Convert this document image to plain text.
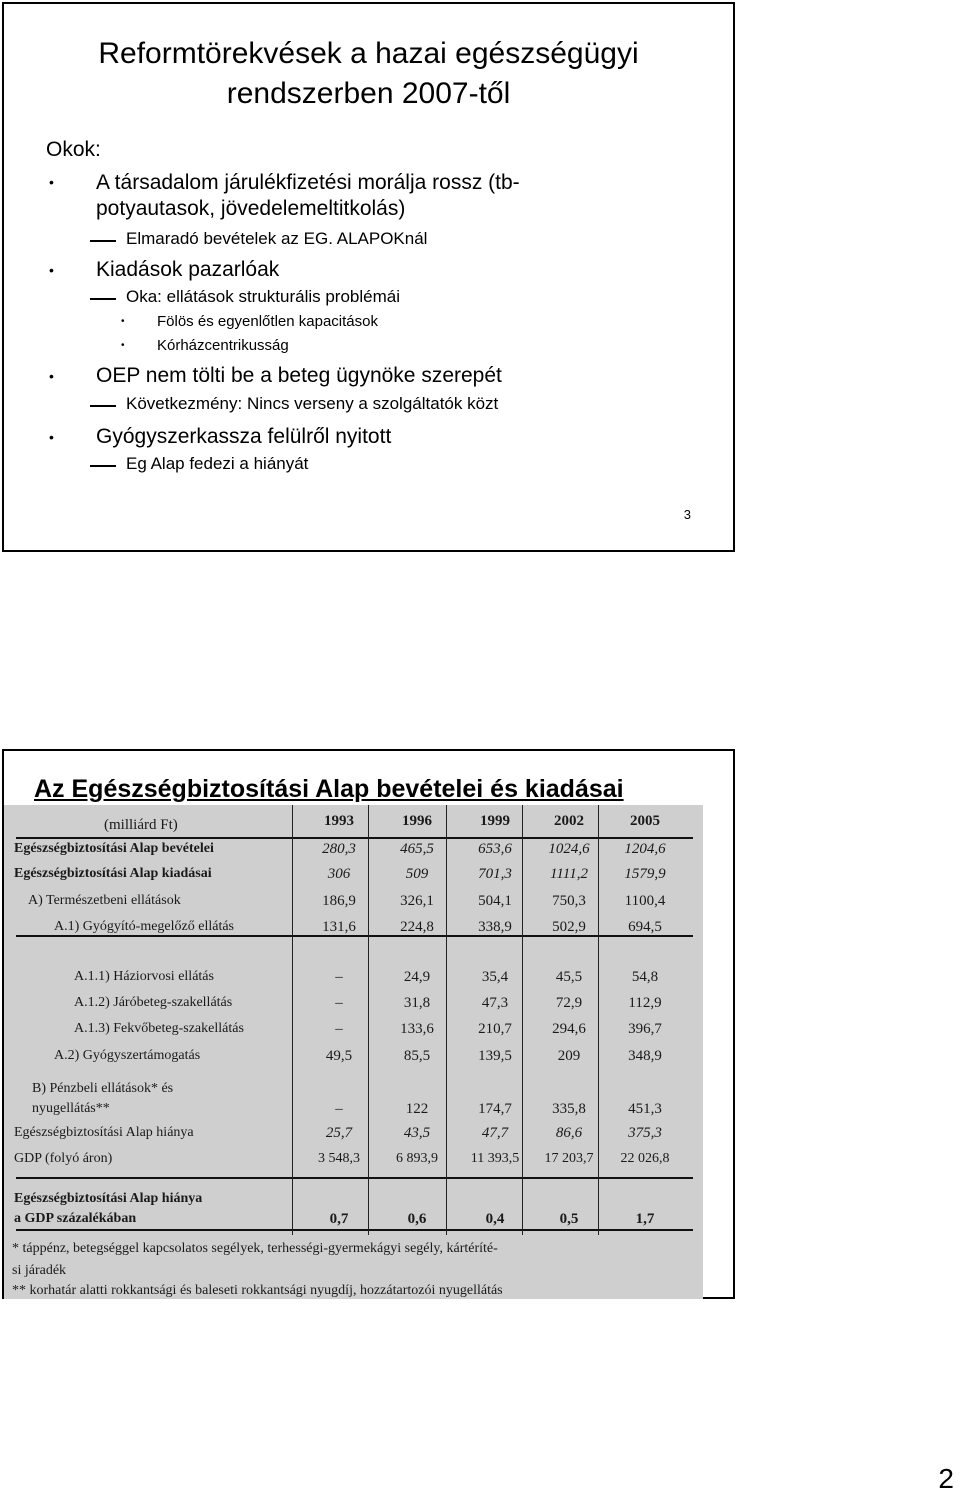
Reformtörekvések a hazai egészségügyi
rendszerben 2007-től
Okok:
• A társadalom járulékfizetési morálja rossz (tb-
potyautasok, jövedelemeltitkolás)
Elmaradó bevételek az EG. ALAPOKnál
• Kiadások pazarlóak
Oka: ellátások strukturális problémái
• Fölös és egyenlőtlen kapacitások
• Kórházcentrikusság
• OEP nem tölti be a beteg ügynöke szerepét
Következmény: Nincs verseny a szolgáltatók közt
• Gyógyszerkassza felülről nyitott
Eg Alap fedezi a hiányát
3
Az Egészségbiztosítási Alap bevételei és kiadásai
(milliárd Ft)	1993	1996	1999	2002	2005
Egészségbiztosítási Alap bevételei	280,3	465,5	653,6	1024,6	1204,6
Egészségbiztosítási Alap kiadásai	306	509	701,3	1111,2	1579,9
A) Természetbeni ellátások	186,9	326,1	504,1	750,3	1100,4
A.1) Gyógyító-megelőző ellátás	131,6	224,8	338,9	502,9	694,5
A.1.1) Háziorvosi ellátás	–	24,9	35,4	45,5	54,8
A.1.2) Járóbeteg-szakellátás	–	31,8	47,3	72,9	112,9
A.1.3) Fekvőbeteg-szakellátás	–	133,6	210,7	294,6	396,7
A.2) Gyógyszertámogatás	49,5	85,5	139,5	209	348,9
B) Pénzbeli ellátások* és
nyugellátás**	–	122	174,7	335,8	451,3
Egészségbiztosítási Alap hiánya	25,7	43,5	47,7	86,6	375,3
GDP (folyó áron)	3 548,3	6 893,9	11 393,5	17 203,7	22 026,8
Egészségbiztosítási Alap hiánya
a GDP százalékában	0,7	0,6	0,4	0,5	1,7
* táppénz, betegséggel kapcsolatos segélyek, terhességi-gyermekágyi segély, kártéríté-
si járadék
** korhatár alatti rokkantsági és baleseti rokkantsági nyugdíj, hozzátartozói nyugellátás
2
